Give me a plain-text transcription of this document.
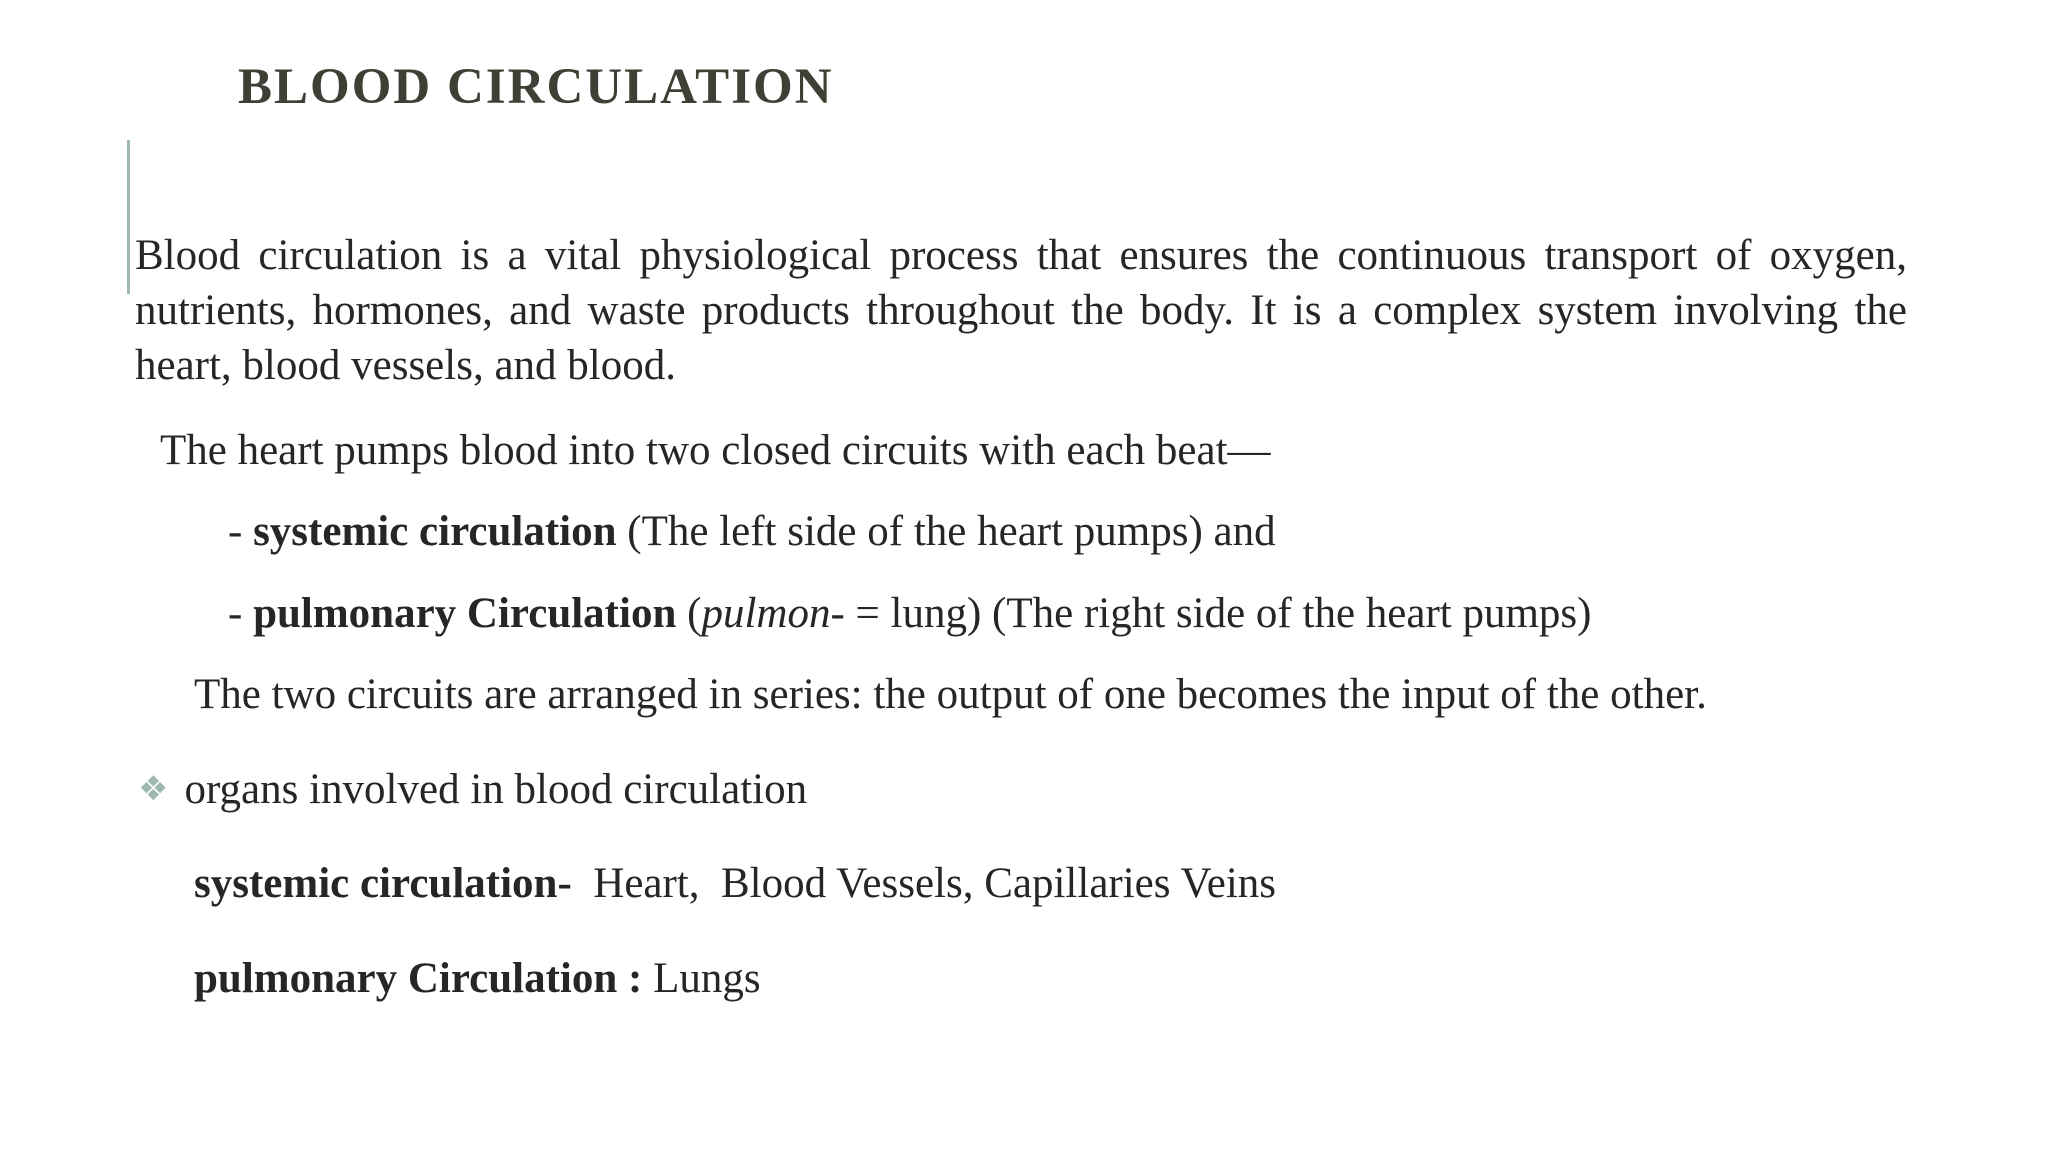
BLOOD CIRCULATION

Blood circulation is a vital physiological process that ensures the continuous transport of oxygen, nutrients, hormones, and waste products throughout the body. It is a complex system involving the heart, blood vessels, and blood.

The heart pumps blood into two closed circuits with each beat—

- systemic circulation (The left side of the heart pumps) and

- pulmonary Circulation (pulmon- = lung) (The right side of the heart pumps)

The two circuits are arranged in series: the output of one becomes the input of the other.

❖ organs involved in blood circulation

systemic circulation-  Heart,  Blood Vessels, Capillaries Veins

pulmonary Circulation : Lungs
